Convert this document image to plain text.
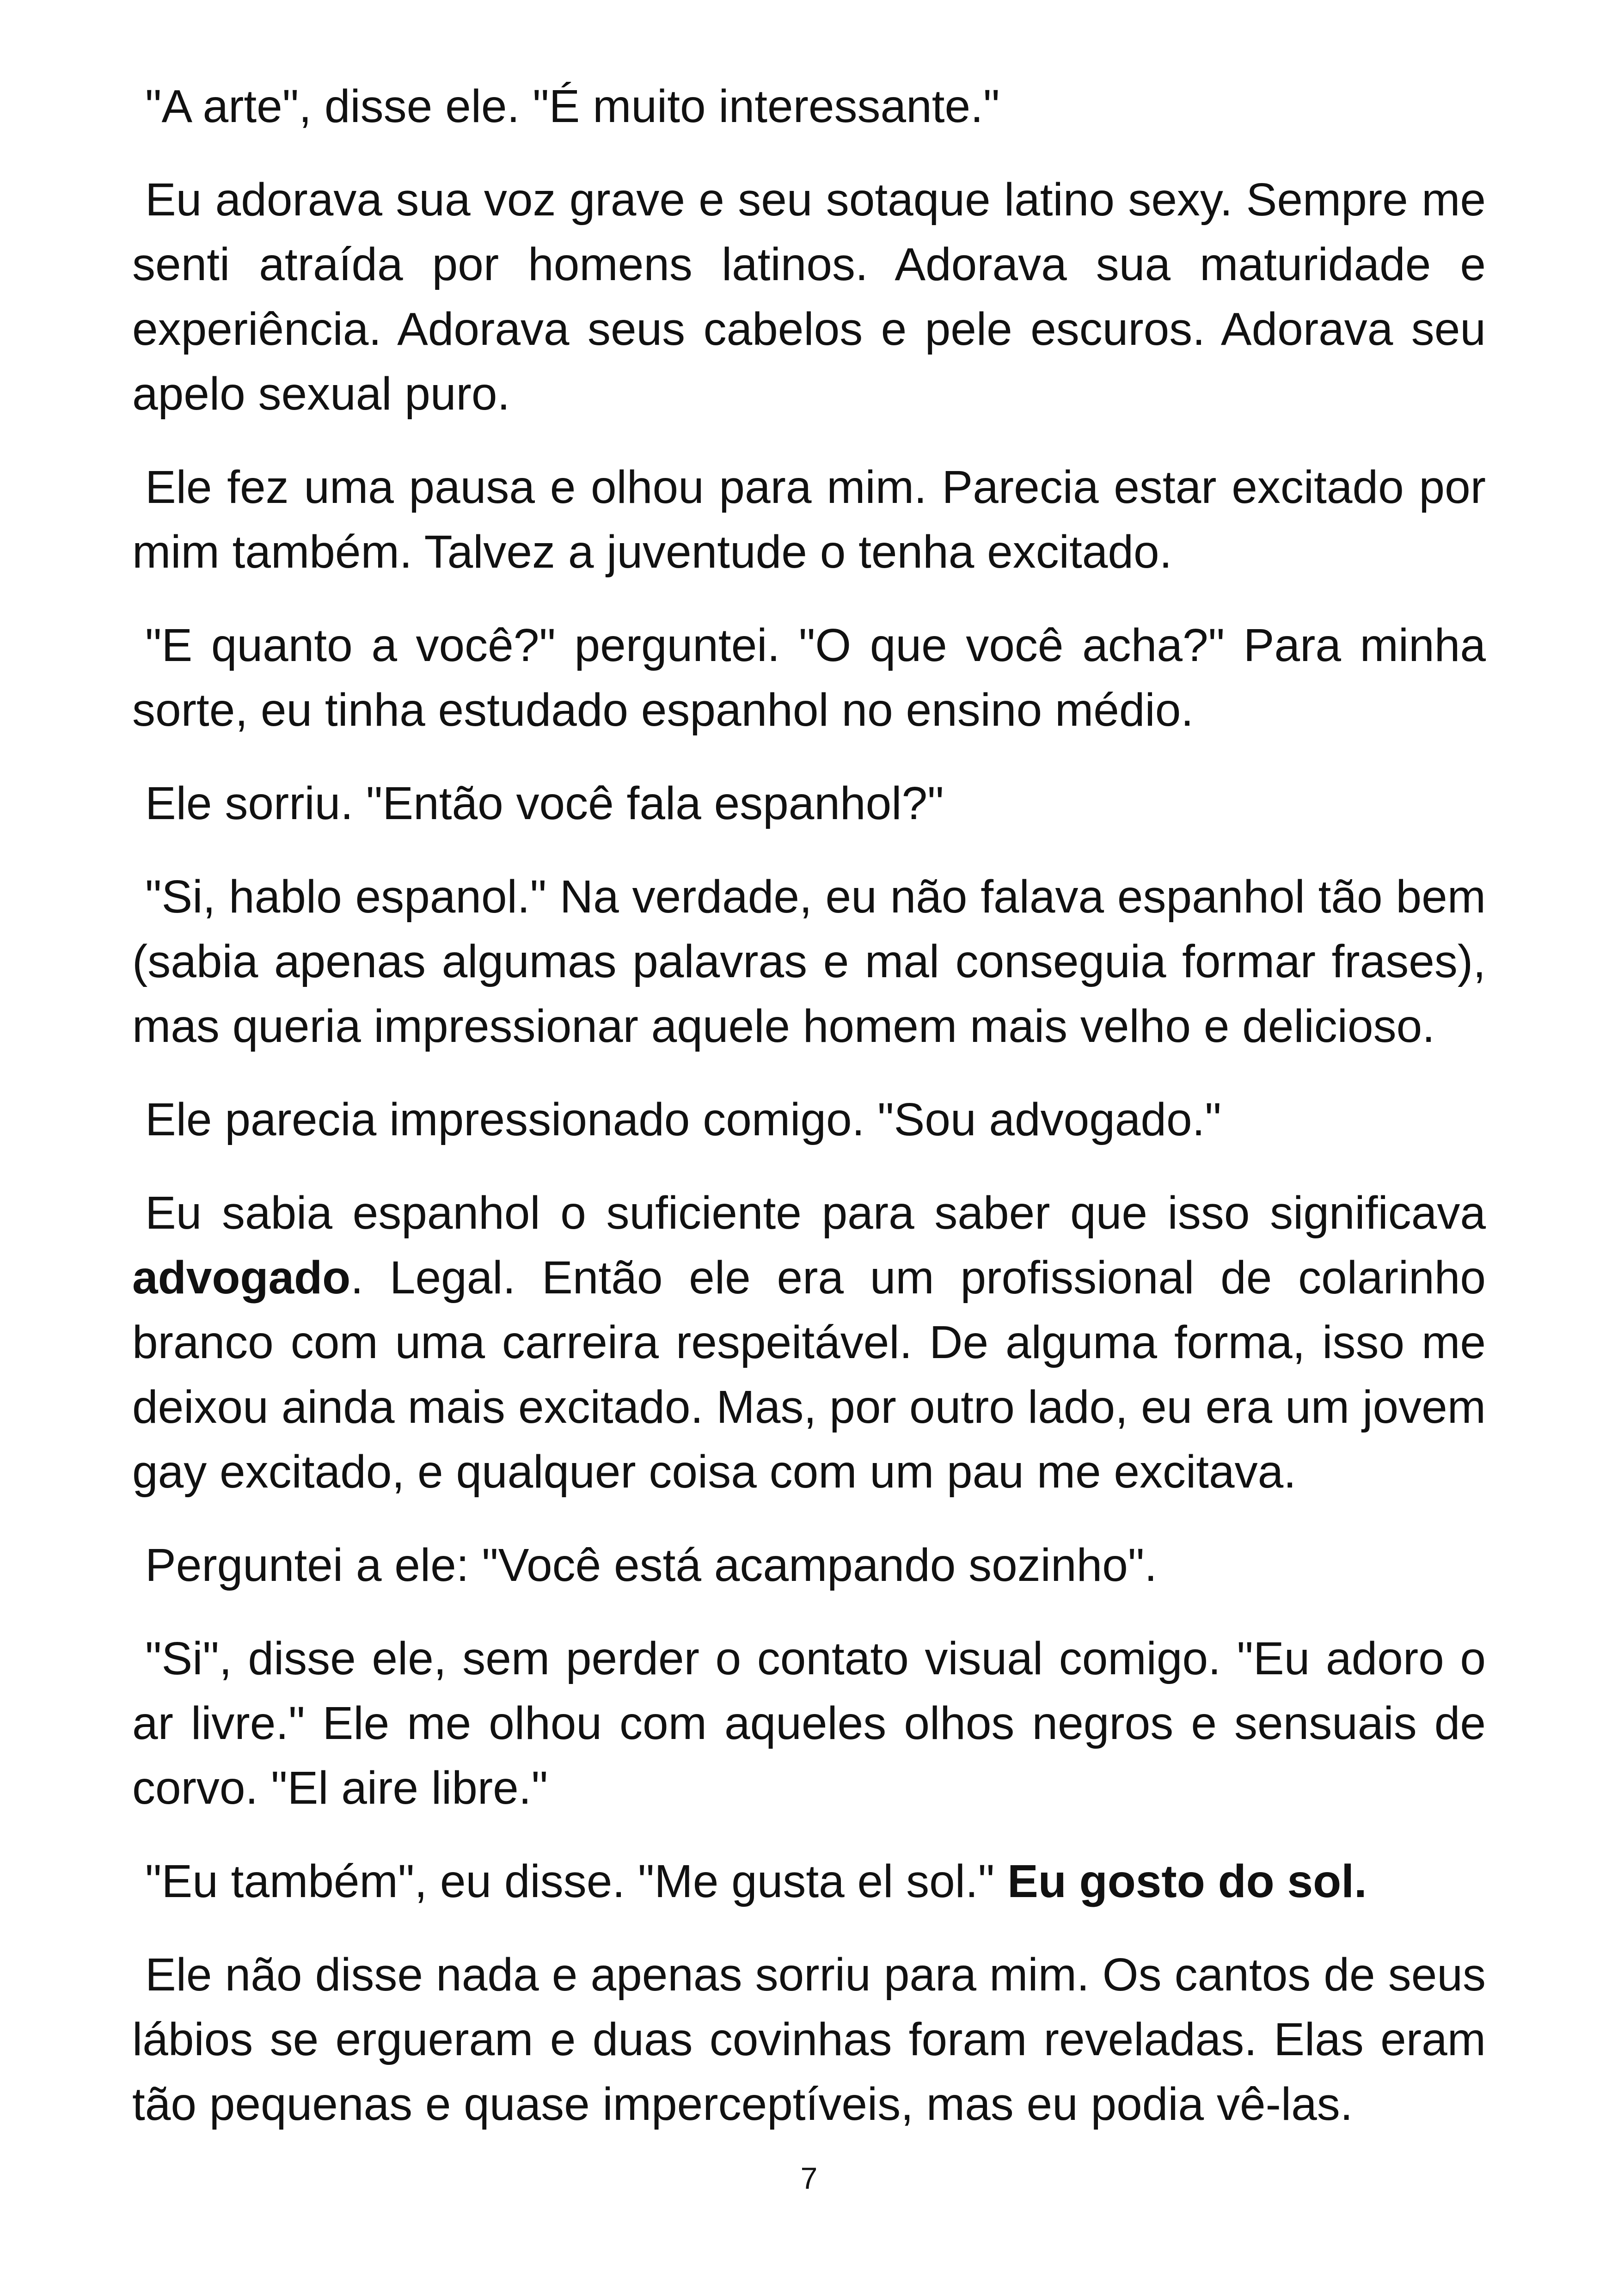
"A arte", disse ele. "É muito interessante."

Eu adorava sua voz grave e seu sotaque latino sexy. Sempre me senti atraída por homens latinos. Adorava sua maturidade e experiência. Adorava seus cabelos e pele escuros. Adorava seu apelo sexual puro.

Ele fez uma pausa e olhou para mim. Parecia estar excitado por mim também. Talvez a juventude o tenha excitado.

"E quanto a você?" perguntei. "O que você acha?" Para minha sorte, eu tinha estudado espanhol no ensino médio.

Ele sorriu. "Então você fala espanhol?"

"Si, hablo espanol." Na verdade, eu não falava espanhol tão bem (sabia apenas algumas palavras e mal conseguia formar frases), mas queria impressionar aquele homem mais velho e delicioso.

Ele parecia impressionado comigo. "Sou advogado."

Eu sabia espanhol o suficiente para saber que isso significava advogado. Legal. Então ele era um profissional de colarinho branco com uma carreira respeitável. De alguma forma, isso me deixou ainda mais excitado. Mas, por outro lado, eu era um jovem gay excitado, e qualquer coisa com um pau me excitava.

Perguntei a ele: "Você está acampando sozinho".

"Si", disse ele, sem perder o contato visual comigo. "Eu adoro o ar livre." Ele me olhou com aqueles olhos negros e sensuais de corvo. "El aire libre."

"Eu também", eu disse. "Me gusta el sol." Eu gosto do sol.

Ele não disse nada e apenas sorriu para mim. Os cantos de seus lábios se ergueram e duas covinhas foram reveladas. Elas eram tão pequenas e quase imperceptíveis, mas eu podia vê-las.

7
